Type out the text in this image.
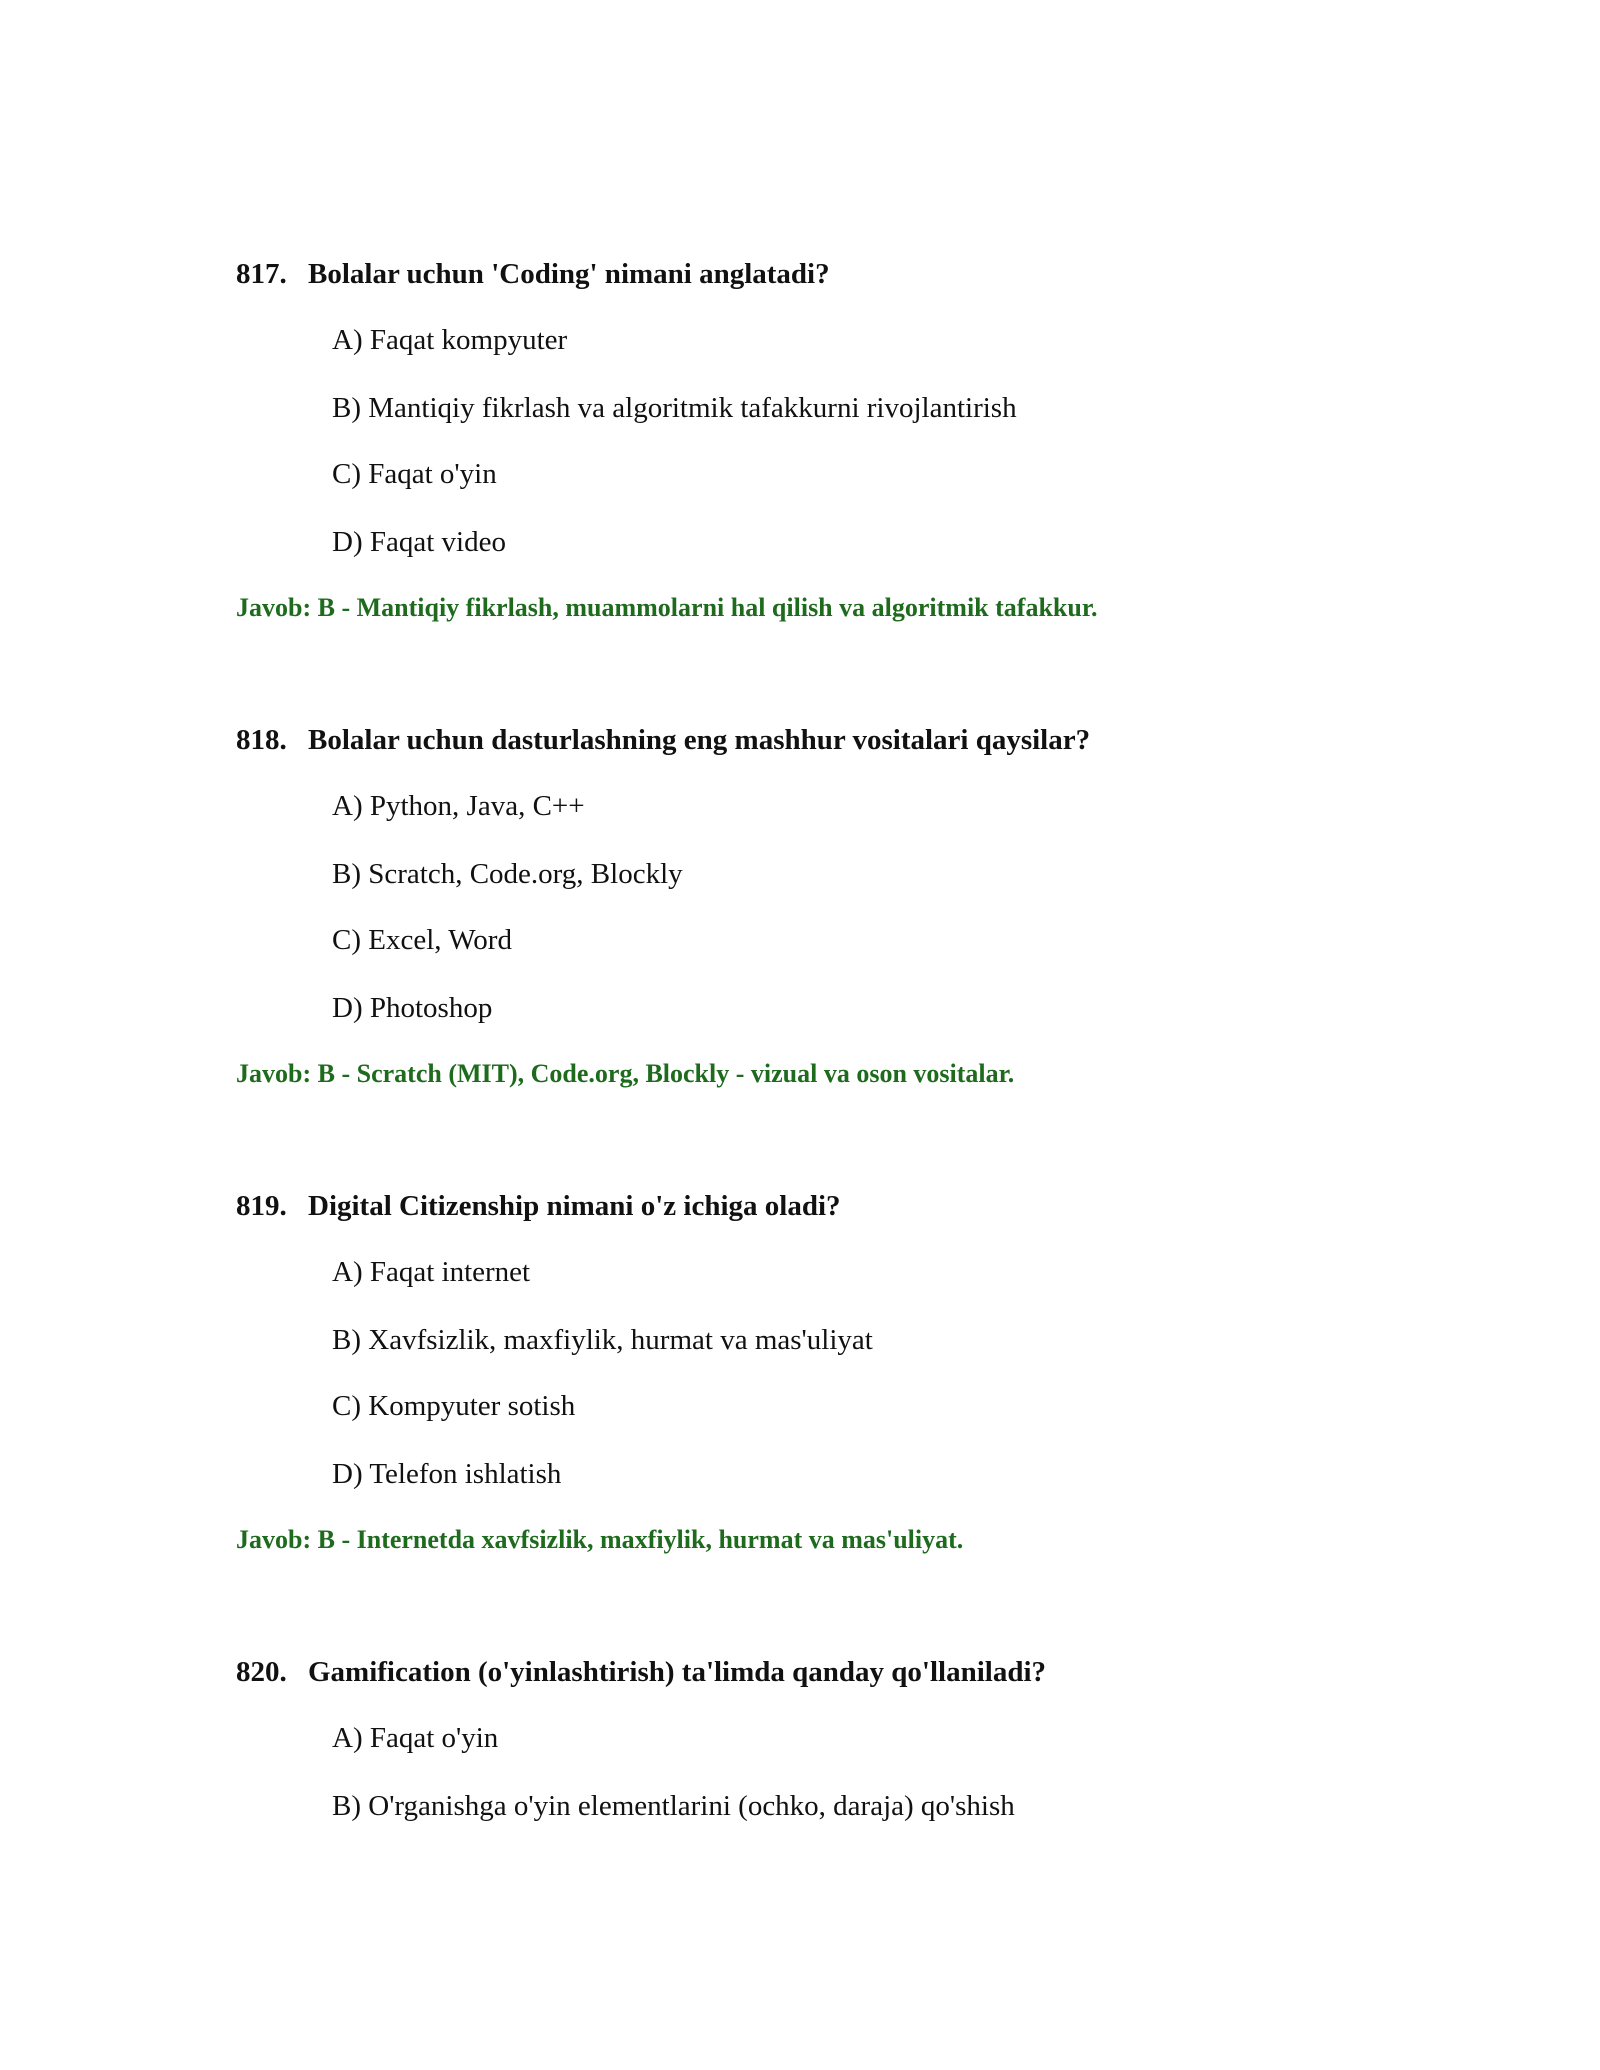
817. Bolalar uchun 'Coding' nimani anglatadi?
A) Faqat kompyuter
B) Mantiqiy fikrlash va algoritmik tafakkurni rivojlantirish
C) Faqat o'yin
D) Faqat video
Javob: B - Mantiqiy fikrlash, muammolarni hal qilish va algoritmik tafakkur.
818. Bolalar uchun dasturlashning eng mashhur vositalari qaysilar?
A) Python, Java, C++
B) Scratch, Code.org, Blockly
C) Excel, Word
D) Photoshop
Javob: B - Scratch (MIT), Code.org, Blockly - vizual va oson vositalar.
819. Digital Citizenship nimani o'z ichiga oladi?
A) Faqat internet
B) Xavfsizlik, maxfiylik, hurmat va mas'uliyat
C) Kompyuter sotish
D) Telefon ishlatish
Javob: B - Internetda xavfsizlik, maxfiylik, hurmat va mas'uliyat.
820. Gamification (o'yinlashtirish) ta'limda qanday qo'llaniladi?
A) Faqat o'yin
B) O'rganishga o'yin elementlarini (ochko, daraja) qo'shish
